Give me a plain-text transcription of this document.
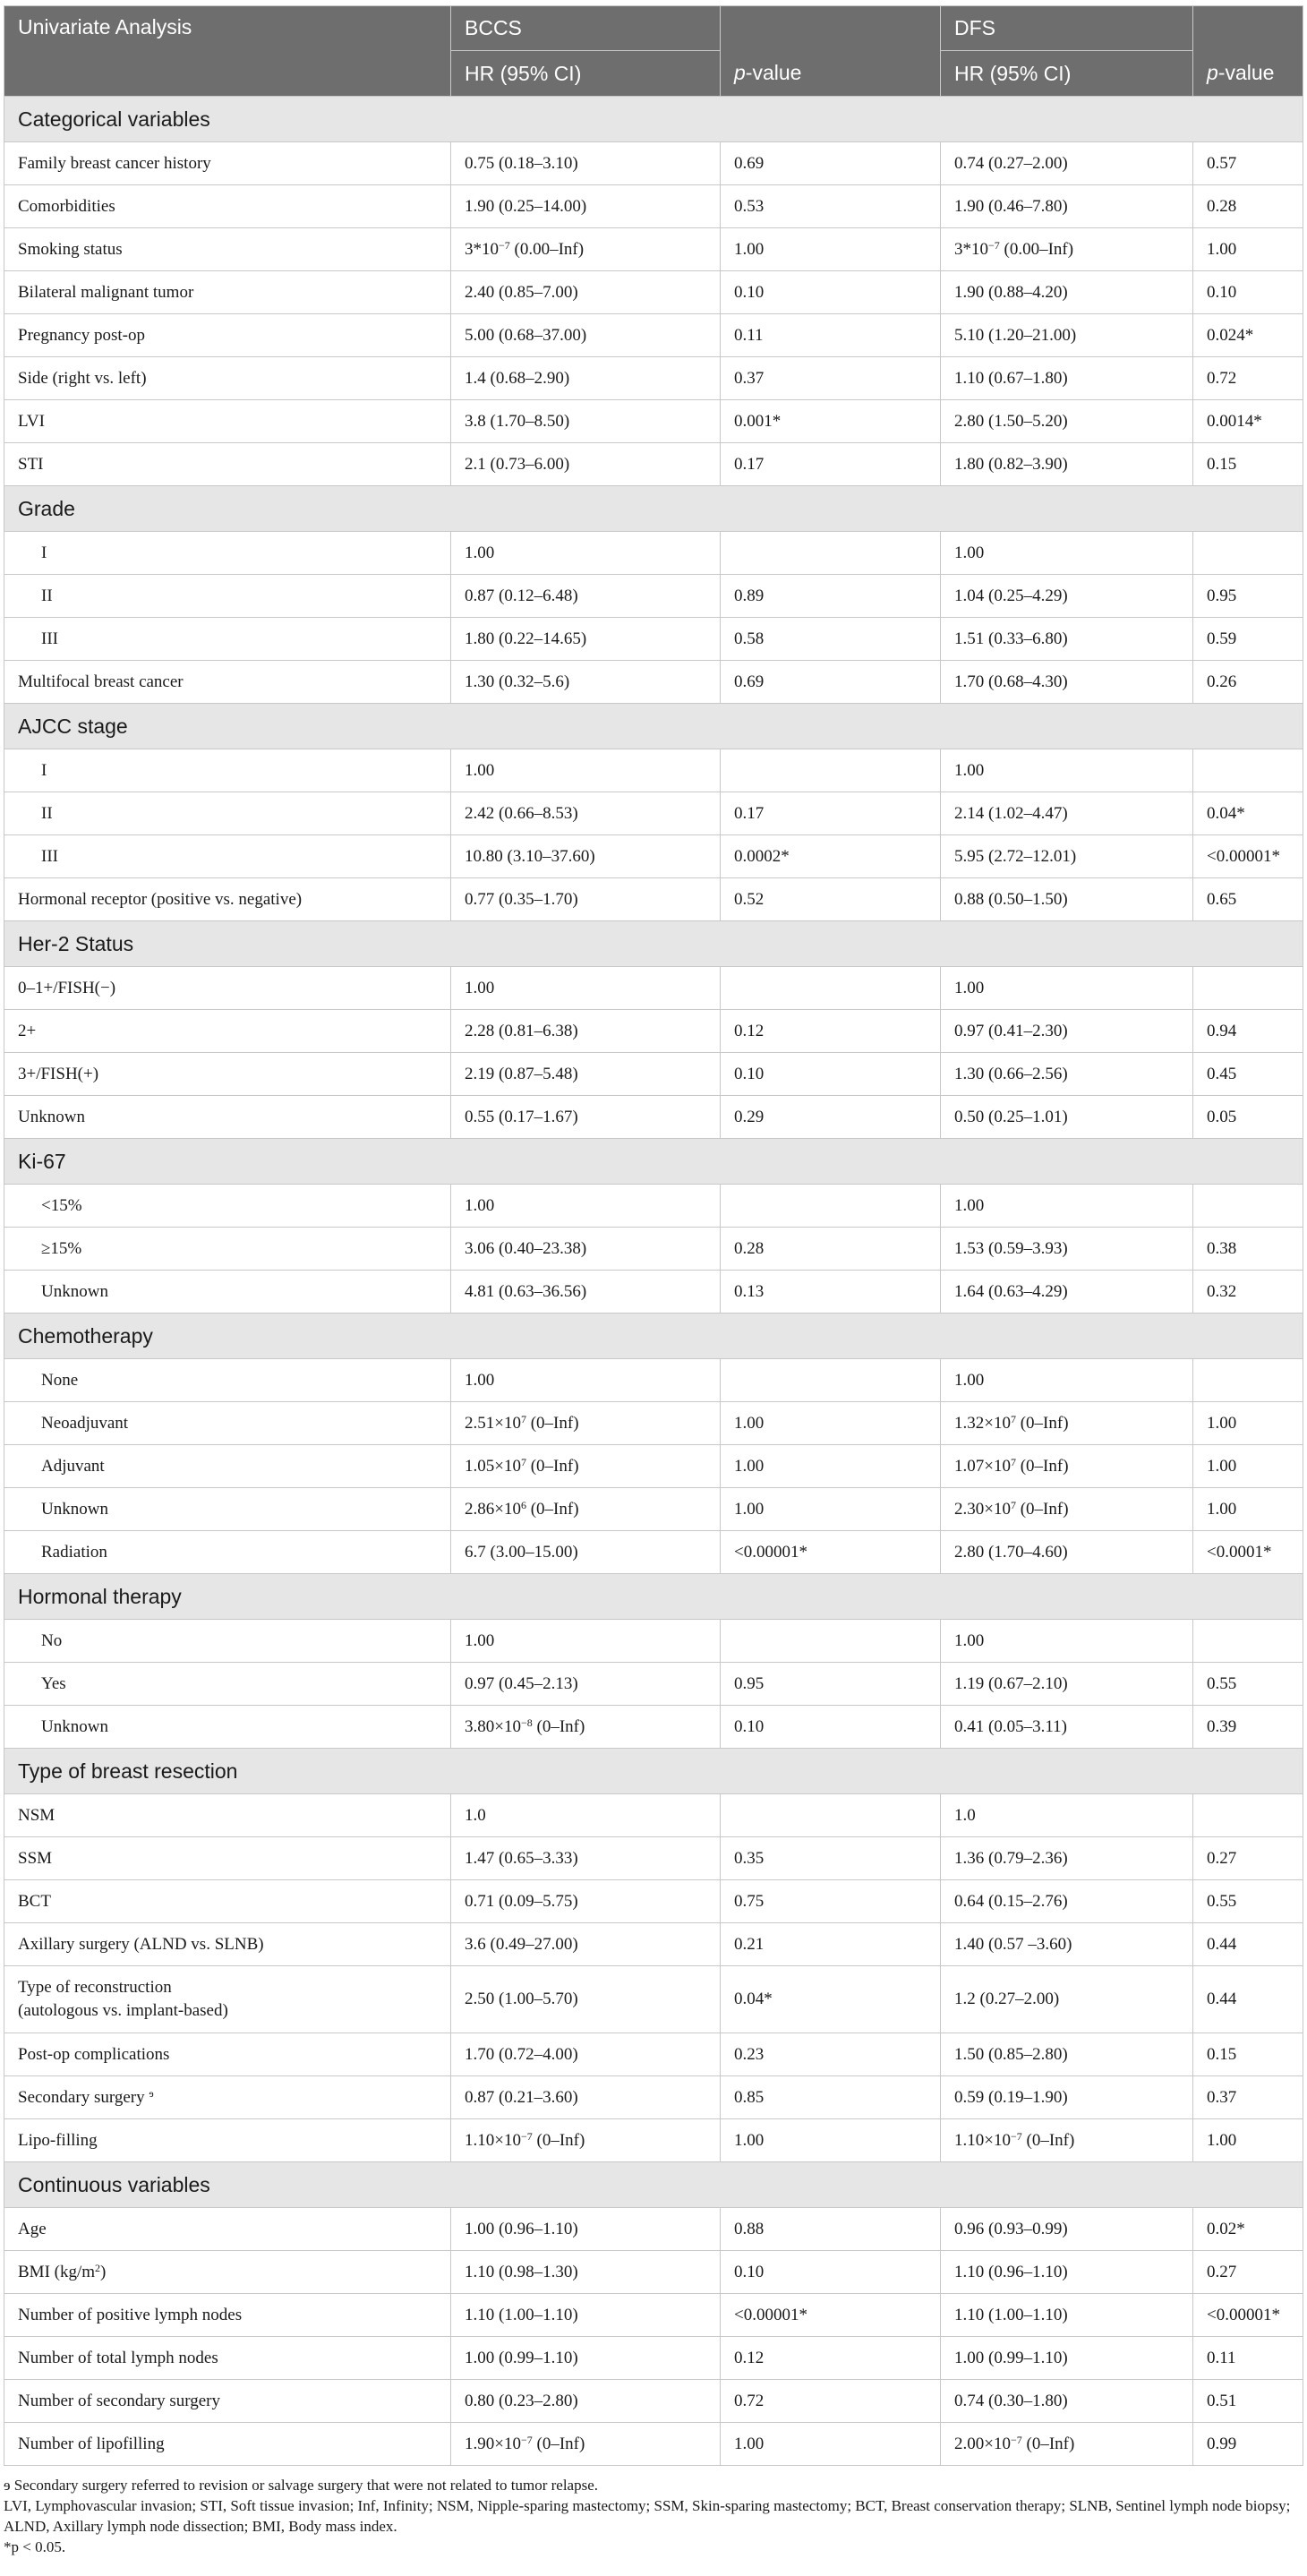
Univariate Analysis	BCCS	p-value	DFS	p-value
	HR (95% CI)		HR (95% CI)	
Categorical variables				
Family breast cancer history	0.75 (0.18–3.10)	0.69	0.74 (0.27–2.00)	0.57
Comorbidities	1.90 (0.25–14.00)	0.53	1.90 (0.46–7.80)	0.28
Smoking status	$3*10^{-7}$ (0.00–Inf)	1.00	$3*10^{-7}$ (0.00–Inf)	1.00
Bilateral malignant tumor	2.40 (0.85–7.00)	0.10	1.90 (0.88–4.20)	0.10
Pregnancy post-op	5.00 (0.68–37.00)	0.11	5.10 (1.20–21.00)	0.024*
Side (right vs. left)	1.4 (0.68–2.90)	0.37	1.10 (0.67–1.80)	0.72
LVI	3.8 (1.70–8.50)	0.001*	2.80 (1.50–5.20)	0.0014*
STI	2.1 (0.73–6.00)	0.17	1.80 (0.82–3.90)	0.15
Grade				
I	1.00		1.00	
II	0.87 (0.12–6.48)	0.89	1.04 (0.25–4.29)	0.95
III	1.80 (0.22–14.65)	0.58	1.51 (0.33–6.80)	0.59
Multifocal breast cancer	1.30 (0.32–5.6)	0.69	1.70 (0.68–4.30)	0.26
AJCC stage				
I	1.00		1.00	
II	2.42 (0.66–8.53)	0.17	2.14 (1.02–4.47)	0.04*
III	10.80 (3.10–37.60)	0.0002*	5.95 (2.72–12.01)	<0.00001*
Hormonal receptor (positive vs. negative)	0.77 (0.35–1.70)	0.52	0.88 (0.50–1.50)	0.65
Her-2 Status				
0–1+/FISH(−)	1.00		1.00	
2+	2.28 (0.81–6.38)	0.12	0.97 (0.41–2.30)	0.94
3+/FISH(+)	2.19 (0.87–5.48)	0.10	1.30 (0.66–2.56)	0.45
Unknown	0.55 (0.17–1.67)	0.29	0.50 (0.25–1.01)	0.05
Ki-67				
<15%	1.00		1.00	
≥15%	3.06 (0.40–23.38)	0.28	1.53 (0.59–3.93)	0.38
Unknown	4.81 (0.63–36.56)	0.13	1.64 (0.63–4.29)	0.32
Chemotherapy				
None	1.00		1.00	
Neoadjuvant	$2.51\times 10^7$ (0–Inf)	1.00	$1.32\times 10^7$ (0–Inf)	1.00
Adjuvant	$1.05\times 10^7$ (0–Inf)	1.00	$1.07\times 10^7$ (0–Inf)	1.00
Unknown	$2.86\times 10^6$ (0–Inf)	1.00	$2.30\times 10^7$ (0–Inf)	1.00
Radiation	6.7 (3.00–15.00)	<0.00001*	2.80 (1.70–4.60)	<0.0001*
Hormonal therapy				
No	1.00		1.00	
Yes	0.97 (0.45–2.13)	0.95	1.19 (0.67–2.10)	0.55
Unknown	$3.80\times 10^{-8}$ (0–Inf)	0.10	0.41 (0.05–3.11)	0.39
Type of breast resection				
NSM	1.0		1.0	
SSM	1.47 (0.65–3.33)	0.35	1.36 (0.79–2.36)	0.27
BCT	0.71 (0.09–5.75)	0.75	0.64 (0.15–2.76)	0.55
Axillary surgery (ALND vs. SLNB)	3.6 (0.49–27.00)	0.21	1.40 (0.57 –3.60)	0.44
Type of reconstruction
(autologous vs. implant-based)	2.50 (1.00–5.70)	0.04*	1.2 (0.27–2.00)	0.44
Post-op complications	1.70 (0.72–4.00)	0.23	1.50 (0.85–2.80)	0.15
Secondary surgery $^ɘ$	0.87 (0.21–3.60)	0.85	0.59 (0.19–1.90)	0.37
Lipo-filling	$1.10\times 10^{-7}$ (0–Inf)	1.00	$1.10\times 10^{-7}$ (0–Inf)	1.00
Continuous variables				
Age	1.00 (0.96–1.10)	0.88	0.96 (0.93–0.99)	0.02*
BMI $(kg/m^2)$	1.10 (0.98–1.30)	0.10	1.10 (0.96–1.10)	0.27
Number of positive lymph nodes	1.10 (1.00–1.10)	<0.00001*	1.10 (1.00–1.10)	<0.00001*
Number of total lymph nodes	1.00 (0.99–1.10)	0.12	1.00 (0.99–1.10)	0.11
Number of secondary surgery	0.80 (0.23–2.80)	0.72	0.74 (0.30–1.80)	0.51
Number of lipofilling	$1.90\times 10^{-7}$ (0–Inf)	1.00	$2.00\times 10^{-7}$ (0–Inf)	0.99

ɘ Secondary surgery referred to revision or salvage surgery that were not related to tumor relapse.

LVI, Lymphovascular invasion; STI, Soft tissue invasion; Inf, Infinity; NSM, Nipple-sparing mastectomy; SSM, Skin-sparing mastectomy; BCT, Breast conservation therapy; SLNB, Sentinel lymph node biopsy; ALND, Axillary lymph node dissection; BMI, Body mass index.

*p < 0.05.
